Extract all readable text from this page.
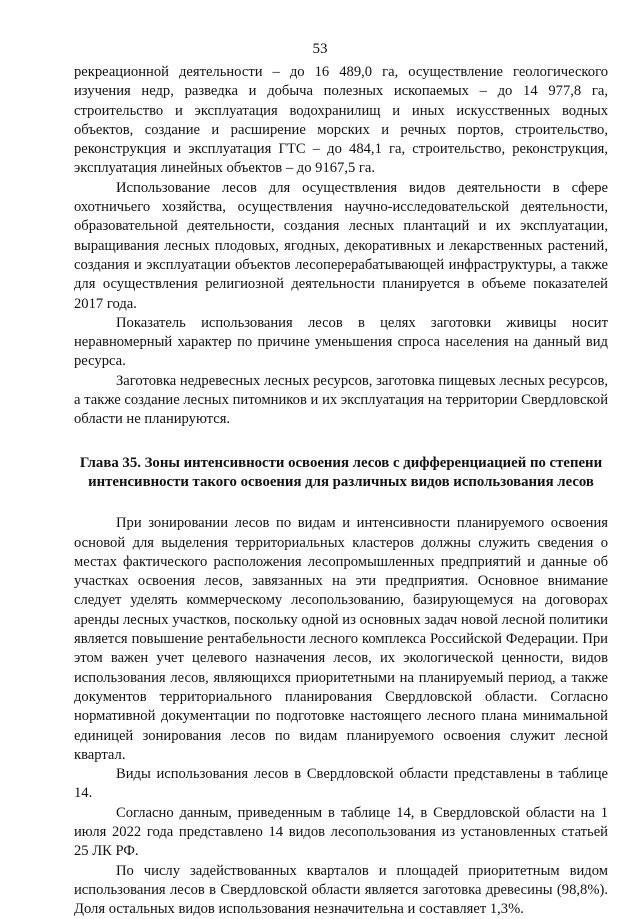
53

рекреационной деятельности – до 16 489,0 га, осуществление геологического изучения недр, разведка и добыча полезных ископаемых – до 14 977,8 га, строительство и эксплуатация водохранилищ и иных искусственных водных объектов, создание и расширение морских и речных портов, строительство, реконструкция и эксплуатация ГТС – до 484,1 га, строительство, реконструкция, эксплуатация линейных объектов – до 9167,5 га.

Использование лесов для осуществления видов деятельности в сфере охотничьего хозяйства, осуществления научно-исследовательской деятельности, образовательной деятельности, создания лесных плантаций и их эксплуатации, выращивания лесных плодовых, ягодных, декоративных и лекарственных растений, создания и эксплуатации объектов лесоперерабатывающей инфраструктуры, а также для осуществления религиозной деятельности планируется в объеме показателей 2017 года.

Показатель использования лесов в целях заготовки живицы носит неравномерный характер по причине уменьшения спроса населения на данный вид ресурса.

Заготовка недревесных лесных ресурсов, заготовка пищевых лесных ресурсов, а также создание лесных питомников и их эксплуатация на территории Свердловской области не планируются.

Глава 35. Зоны интенсивности освоения лесов с дифференциацией по степени интенсивности такого освоения для различных видов использования лесов

При зонировании лесов по видам и интенсивности планируемого освоения основой для выделения территориальных кластеров должны служить сведения о местах фактического расположения лесопромышленных предприятий и данные об участках освоения лесов, завязанных на эти предприятия. Основное внимание следует уделять коммерческому лесопользованию, базирующемуся на договорах аренды лесных участков, поскольку одной из основных задач новой лесной политики является повышение рентабельности лесного комплекса Российской Федерации. При этом важен учет целевого назначения лесов, их экологической ценности, видов использования лесов, являющихся приоритетными на планируемый период, а также документов территориального планирования Свердловской области. Согласно нормативной документации по подготовке настоящего лесного плана минимальной единицей зонирования лесов по видам планируемого освоения служит лесной квартал.

Виды использования лесов в Свердловской области представлены в таблице 14.

Согласно данным, приведенным в таблице 14, в Свердловской области на 1 июля 2022 года представлено 14 видов лесопользования из установленных статьей 25 ЛК РФ.

По числу задействованных кварталов и площадей приоритетным видом использования лесов в Свердловской области является заготовка древесины (98,8%). Доля остальных видов использования незначительна и составляет 1,3%.
